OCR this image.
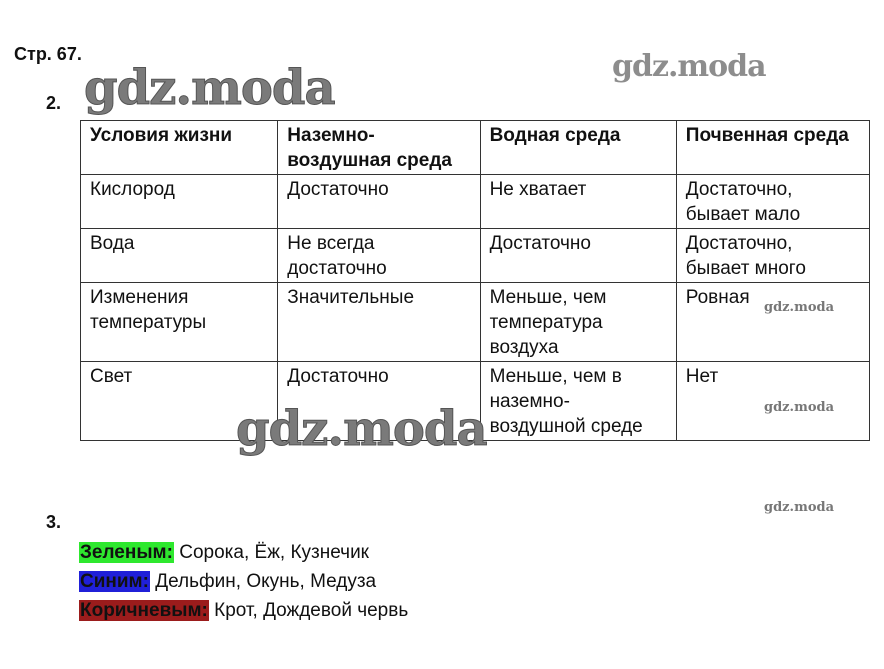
Стр. 67.
2.
Условия жизни	Наземно-воздушная среда	Водная среда	Почвенная среда
Кислород	Достаточно	Не хватает	Достаточно, бывает мало
Вода	Не всегда достаточно	Достаточно	Достаточно, бывает много
Изменения температуры	Значительные	Меньше, чем температура воздуха	Ровная
Свет	Достаточно	Меньше, чем в наземно-воздушной среде	Нет
3.
Зеленым: Сорока, Ёж, Кузнечик
Синим: Дельфин, Окунь, Медуза
Коричневым: Крот, Дождевой червь
gdz.moda	gdz.moda
gdz.moda
gdz.moda
gdz.moda
gdz.moda
